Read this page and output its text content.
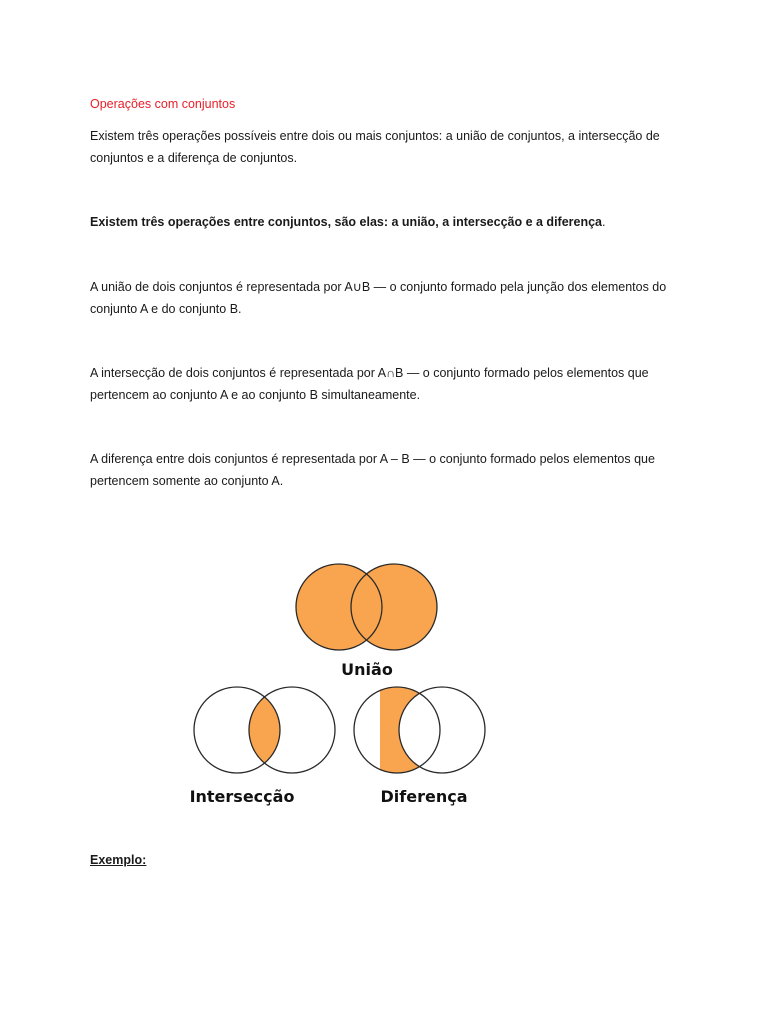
Operações com conjuntos

Existem três operações possíveis entre dois ou mais conjuntos: a união de conjuntos, a intersecção de conjuntos e a diferença de conjuntos.

Existem três operações entre conjuntos, são elas: a união, a intersecção e a diferença.

A união de dois conjuntos é representada por A∪B — o conjunto formado pela junção dos elementos do conjunto A e do conjunto B.

A intersecção de dois conjuntos é representada por A∩B — o conjunto formado pelos elementos que pertencem ao conjunto A e ao conjunto B simultaneamente.

A diferença entre dois conjuntos é representada por A – B — o conjunto formado pelos elementos que pertencem somente ao conjunto A.

União
Intersecção	Diferença

Exemplo:
